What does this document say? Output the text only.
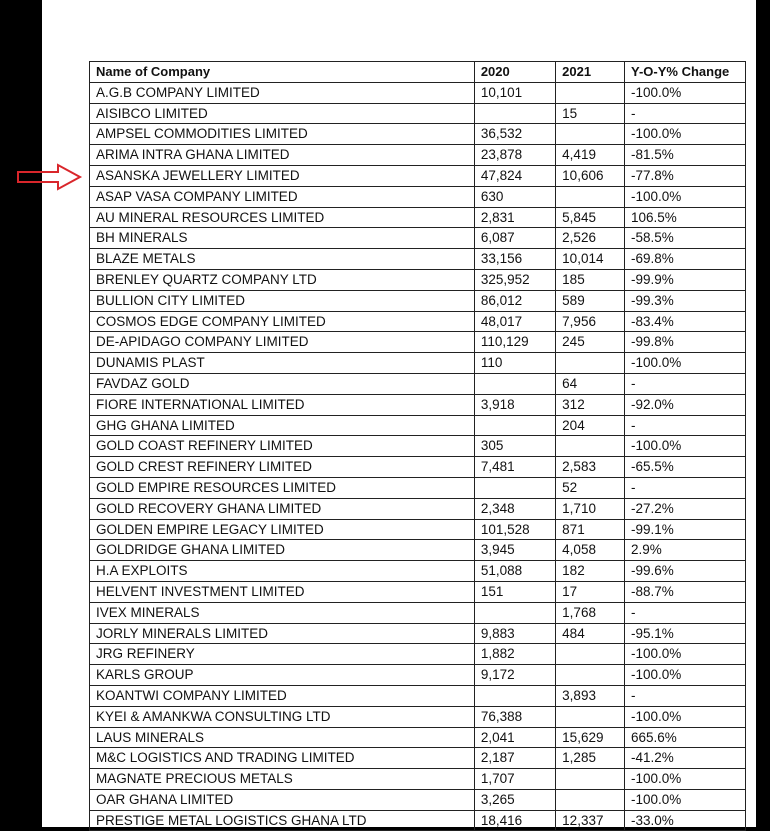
Name of Company	2020	2021	Y-O-Y% Change
A.G.B COMPANY LIMITED	10,101		-100.0%
AISIBCO LIMITED		15	-
AMPSEL COMMODITIES LIMITED	36,532		-100.0%
ARIMA INTRA GHANA LIMITED	23,878	4,419	-81.5%
ASANSKA JEWELLERY LIMITED	47,824	10,606	-77.8%
ASAP VASA COMPANY LIMITED	630		-100.0%
AU MINERAL RESOURCES LIMITED	2,831	5,845	106.5%
BH MINERALS	6,087	2,526	-58.5%
BLAZE METALS	33,156	10,014	-69.8%
BRENLEY QUARTZ COMPANY LTD	325,952	185	-99.9%
BULLION CITY LIMITED	86,012	589	-99.3%
COSMOS EDGE COMPANY LIMITED	48,017	7,956	-83.4%
DE-APIDAGO COMPANY LIMITED	110,129	245	-99.8%
DUNAMIS PLAST	110		-100.0%
FAVDAZ GOLD		64	-
FIORE INTERNATIONAL LIMITED	3,918	312	-92.0%
GHG GHANA LIMITED		204	-
GOLD COAST REFINERY LIMITED	305		-100.0%
GOLD CREST REFINERY LIMITED	7,481	2,583	-65.5%
GOLD EMPIRE RESOURCES LIMITED		52	-
GOLD RECOVERY GHANA LIMITED	2,348	1,710	-27.2%
GOLDEN EMPIRE LEGACY LIMITED	101,528	871	-99.1%
GOLDRIDGE GHANA LIMITED	3,945	4,058	2.9%
H.A EXPLOITS	51,088	182	-99.6%
HELVENT INVESTMENT LIMITED	151	17	-88.7%
IVEX MINERALS		1,768	-
JORLY MINERALS LIMITED	9,883	484	-95.1%
JRG REFINERY	1,882		-100.0%
KARLS GROUP	9,172		-100.0%
KOANTWI COMPANY LIMITED		3,893	-
KYEI & AMANKWA CONSULTING LTD	76,388		-100.0%
LAUS MINERALS	2,041	15,629	665.6%
M&C LOGISTICS AND TRADING LIMITED	2,187	1,285	-41.2%
MAGNATE PRECIOUS METALS	1,707		-100.0%
OAR GHANA LIMITED	3,265		-100.0%
PRESTIGE METAL LOGISTICS GHANA LTD	18,416	12,337	-33.0%
